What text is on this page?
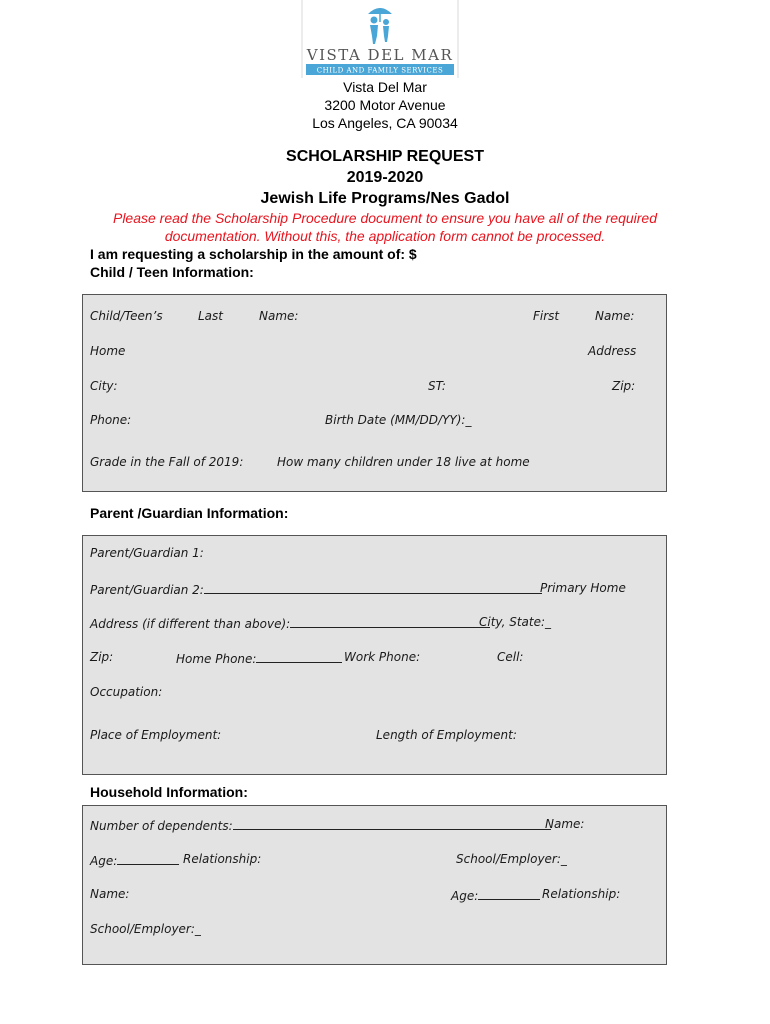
VISTA DEL MAR
CHILD AND FAMILY SERVICES
Vista Del Mar
3200 Motor Avenue
Los Angeles, CA 90034
SCHOLARSHIP REQUEST
2019-2020
Jewish Life Programs/Nes Gadol
Please read the Scholarship Procedure document to ensure you have all of the required
documentation. Without this, the application form cannot be processed.
I am requesting a scholarship in the amount of: $
Child / Teen Information:
Child/Teen’s	Last	Name:	First	Name:
Home	Address
City:	ST:	Zip:
Phone:	Birth Date (MM/DD/YY):_
Grade in the Fall of 2019:	How many children under 18 live at home
Parent /Guardian Information:
Parent/Guardian 1:
Parent/Guardian 2:	Primary Home
Address (if different than above):	City, State:_
Zip:	Home Phone:	Work Phone:	Cell:
Occupation:
Place of Employment:	Length of Employment:
Household Information:
Number of dependents:	Name:
Age:	Relationship:	School/Employer:_
Name:	Age:	Relationship:
School/Employer:_
